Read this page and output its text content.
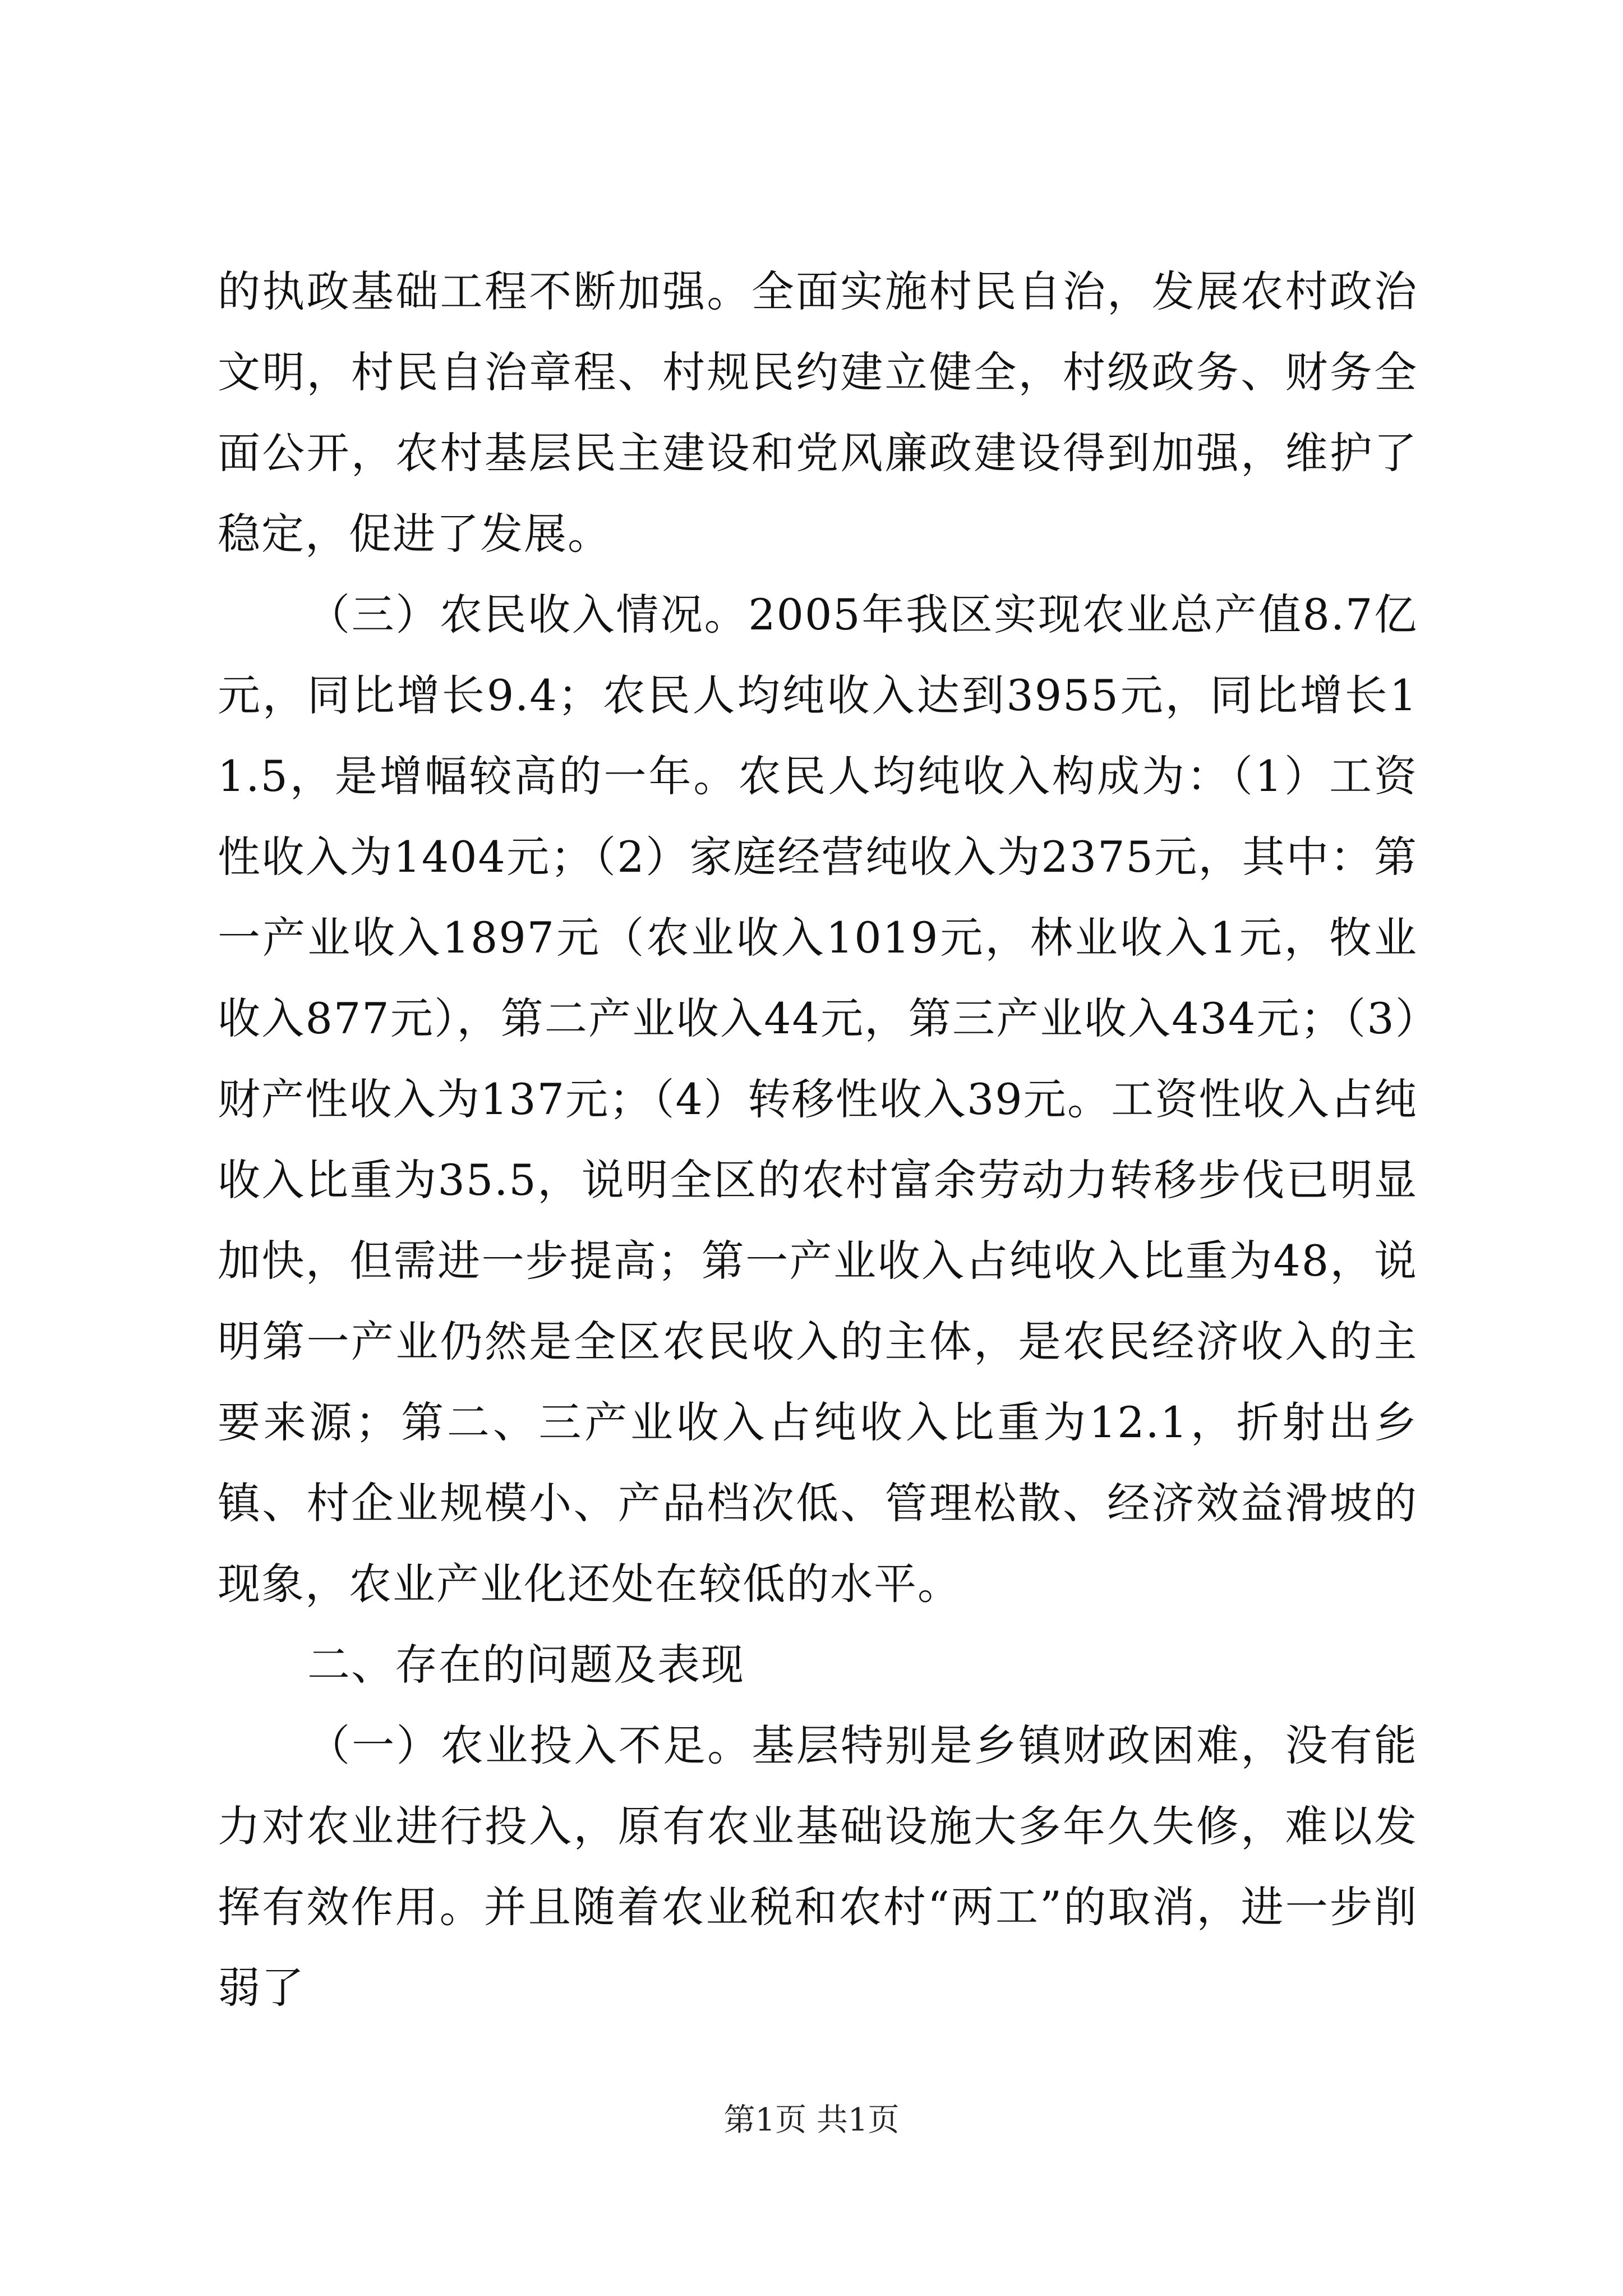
的执政基础工程不断加强。全面实施村民自治，发展农村政治文明，村民自治章程、村规民约建立健全，村级政务、财务全面公开，农村基层民主建设和党风廉政建设得到加强，维护了稳定，促进了发展。

（三）农民收入情况。2005年我区实现农业总产值8.7亿元，同比增长9.4；农民人均纯收入达到3955元，同比增长11.5，是增幅较高的一年。农民人均纯收入构成为：（1）工资性收入为1404元；（2）家庭经营纯收入为2375元，其中：第一产业收入1897元（农业收入1019元，林业收入1元，牧业收入877元），第二产业收入44元，第三产业收入434元；（3）财产性收入为137元；（4）转移性收入39元。工资性收入占纯收入比重为35.5，说明全区的农村富余劳动力转移步伐已明显加快，但需进一步提高；第一产业收入占纯收入比重为48，说明第一产业仍然是全区农民收入的主体，是农民经济收入的主要来源；第二、三产业收入占纯收入比重为12.1，折射出乡镇、村企业规模小、产品档次低、管理松散、经济效益滑坡的现象，农业产业化还处在较低的水平。

二、存在的问题及表现

（一）农业投入不足。基层特别是乡镇财政困难，没有能力对农业进行投入，原有农业基础设施大多年久失修，难以发挥有效作用。并且随着农业税和农村“两工”的取消，进一步削弱了

第1页 共1页
